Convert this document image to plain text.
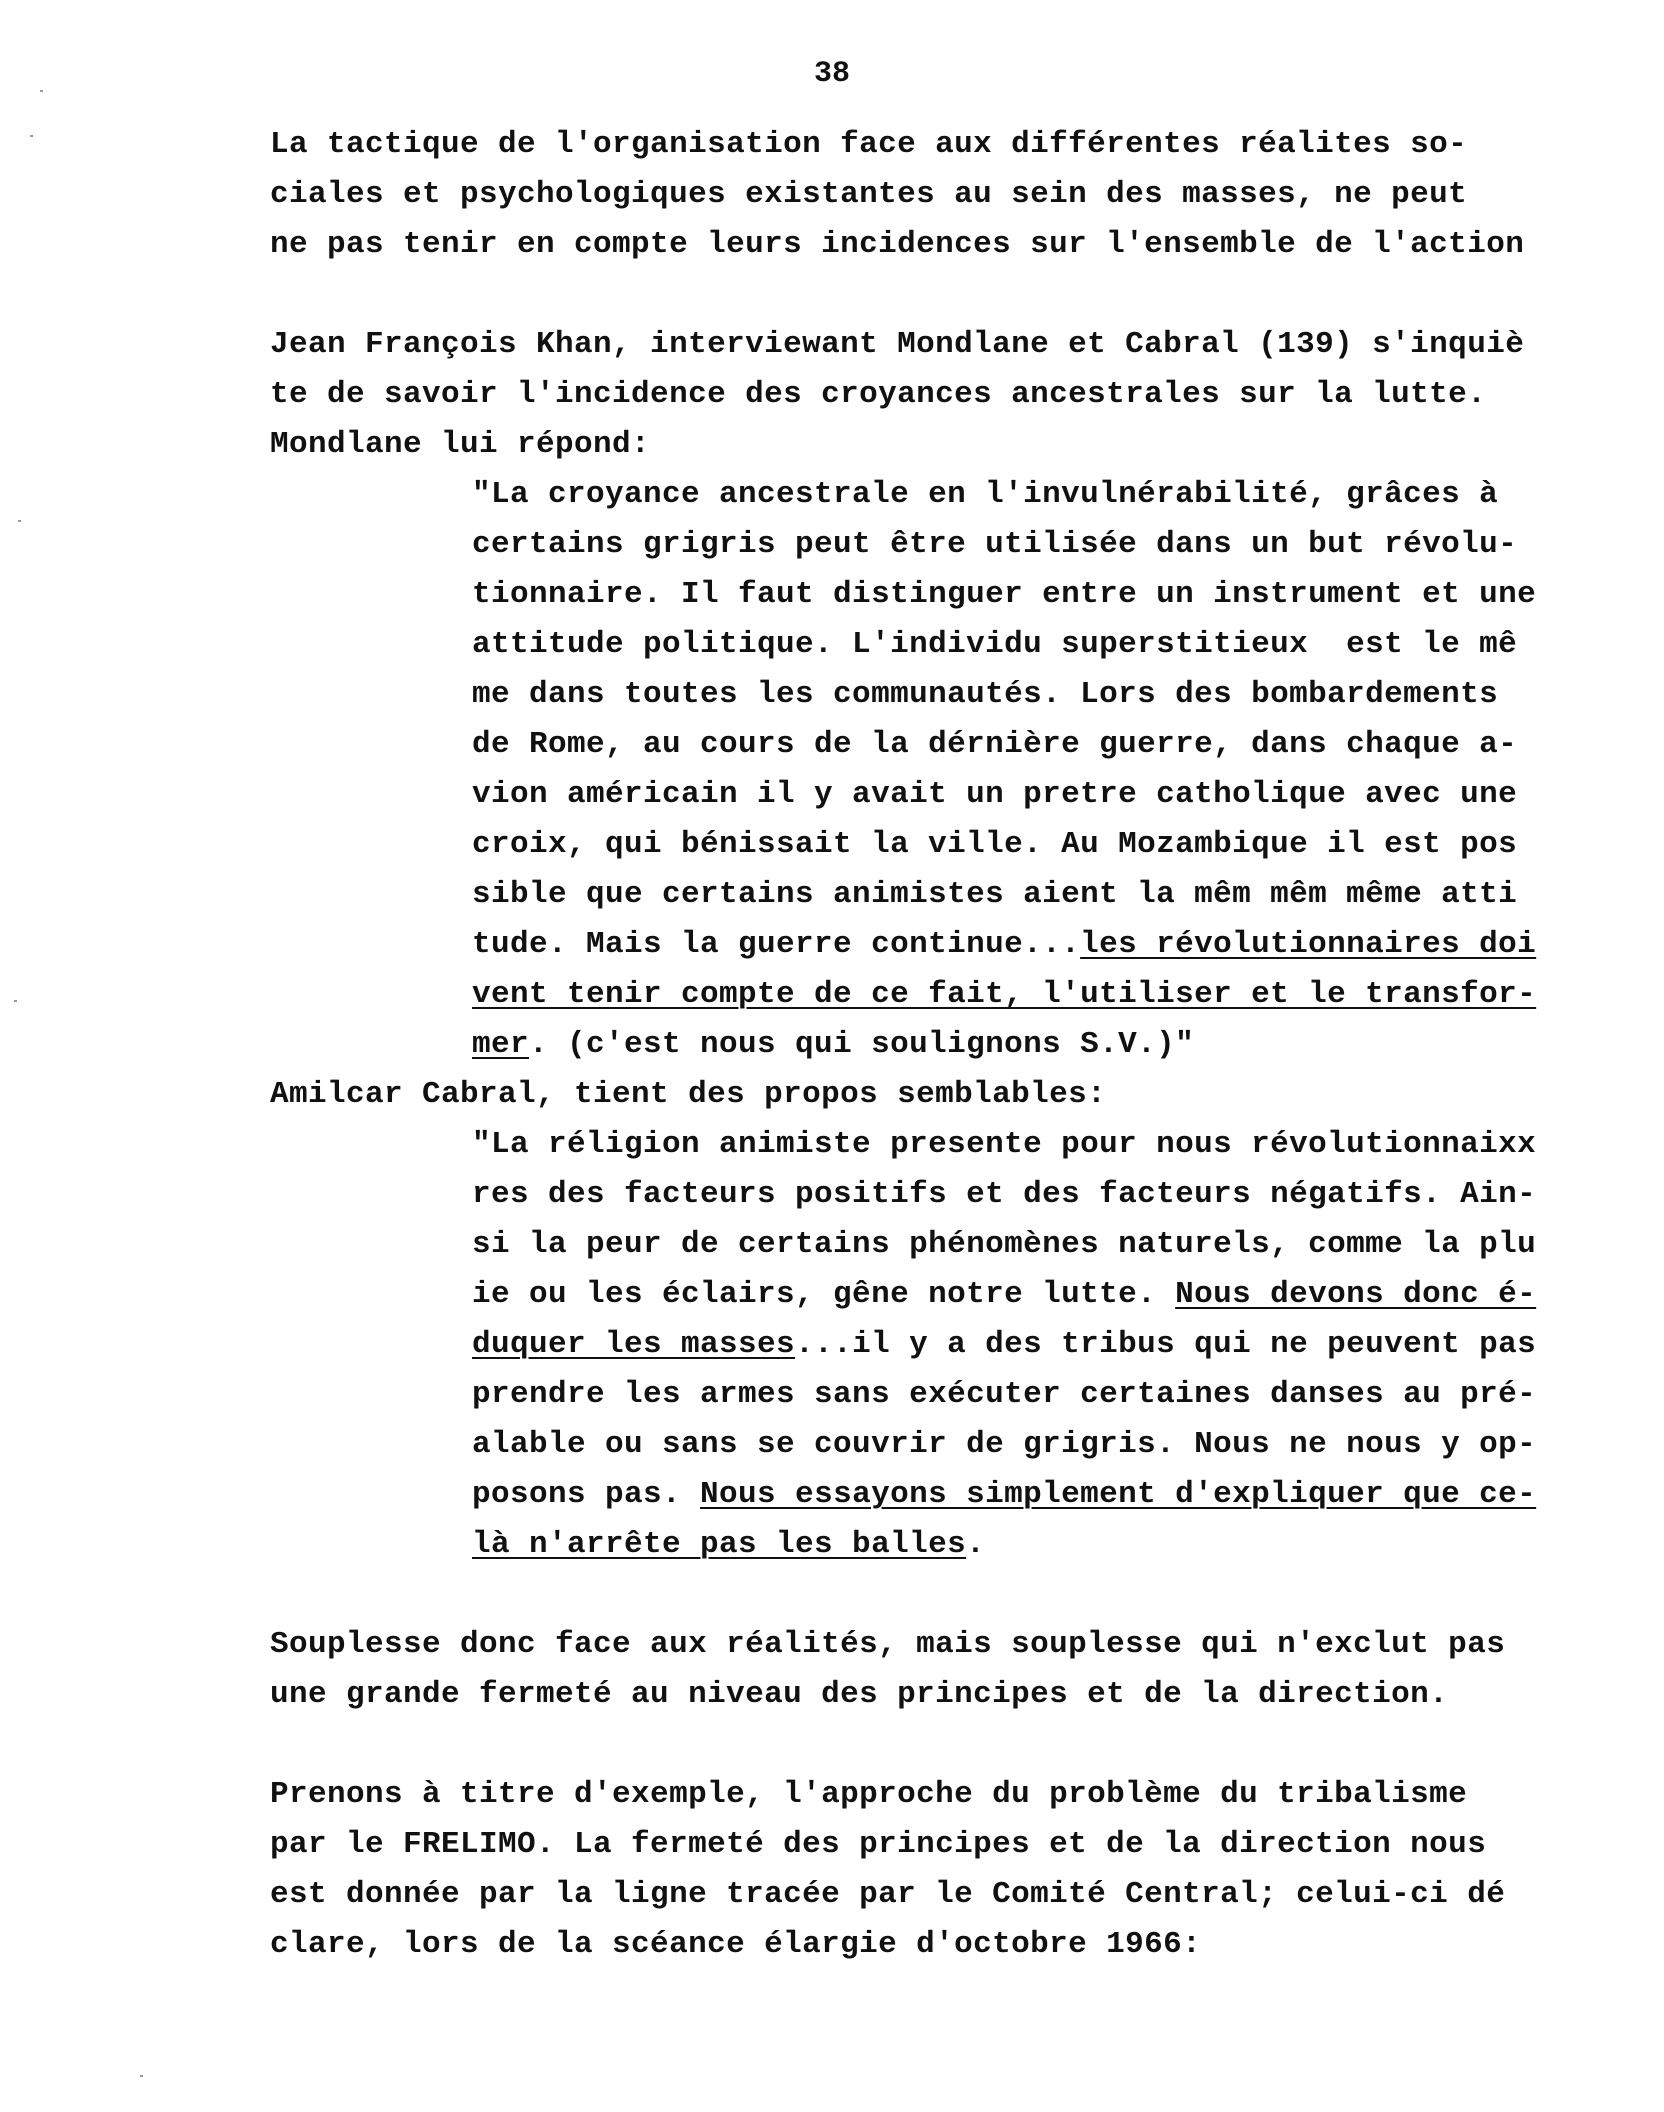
38
La tactique de l'organisation face aux différentes réalites so-
ciales et psychologiques existantes au sein des masses, ne peut
ne pas tenir en compte leurs incidences sur l'ensemble de l'action
Jean François Khan, interviewant Mondlane et Cabral (139) s'inquiè
te de savoir l'incidence des croyances ancestrales sur la lutte.
Mondlane lui répond:
"La croyance ancestrale en l'invulnérabilité, grâces à
certains grigris peut être utilisée dans un but révolu-
tionnaire. Il faut distinguer entre un instrument et une
attitude politique. L'individu superstitieux  est le mê
me dans toutes les communautés. Lors des bombardements
de Rome, au cours de la dérnière guerre, dans chaque a-
vion américain il y avait un pretre catholique avec une
croix, qui bénissait la ville. Au Mozambique il est pos
sible que certains animistes aient la mêm mêm même atti
tude. Mais la guerre continue...les révolutionnaires doi
vent tenir compte de ce fait, l'utiliser et le transfor-
mer. (c'est nous qui soulignons S.V.)"
Amilcar Cabral, tient des propos semblables:
"La réligion animiste presente pour nous révolutionnaixx
res des facteurs positifs et des facteurs négatifs. Ain-
si la peur de certains phénomènes naturels, comme la plu
ie ou les éclairs, gêne notre lutte. Nous devons donc é-
duquer les masses...il y a des tribus qui ne peuvent pas
prendre les armes sans exécuter certaines danses au pré-
alable ou sans se couvrir de grigris. Nous ne nous y op-
posons pas. Nous essayons simplement d'expliquer que ce-
là n'arrête pas les balles.
Souplesse donc face aux réalités, mais souplesse qui n'exclut pas
une grande fermeté au niveau des principes et de la direction.
Prenons à titre d'exemple, l'approche du problème du tribalisme
par le FRELIMO. La fermeté des principes et de la direction nous
est donnée par la ligne tracée par le Comité Central; celui-ci dé
clare, lors de la scéance élargie d'octobre 1966:
